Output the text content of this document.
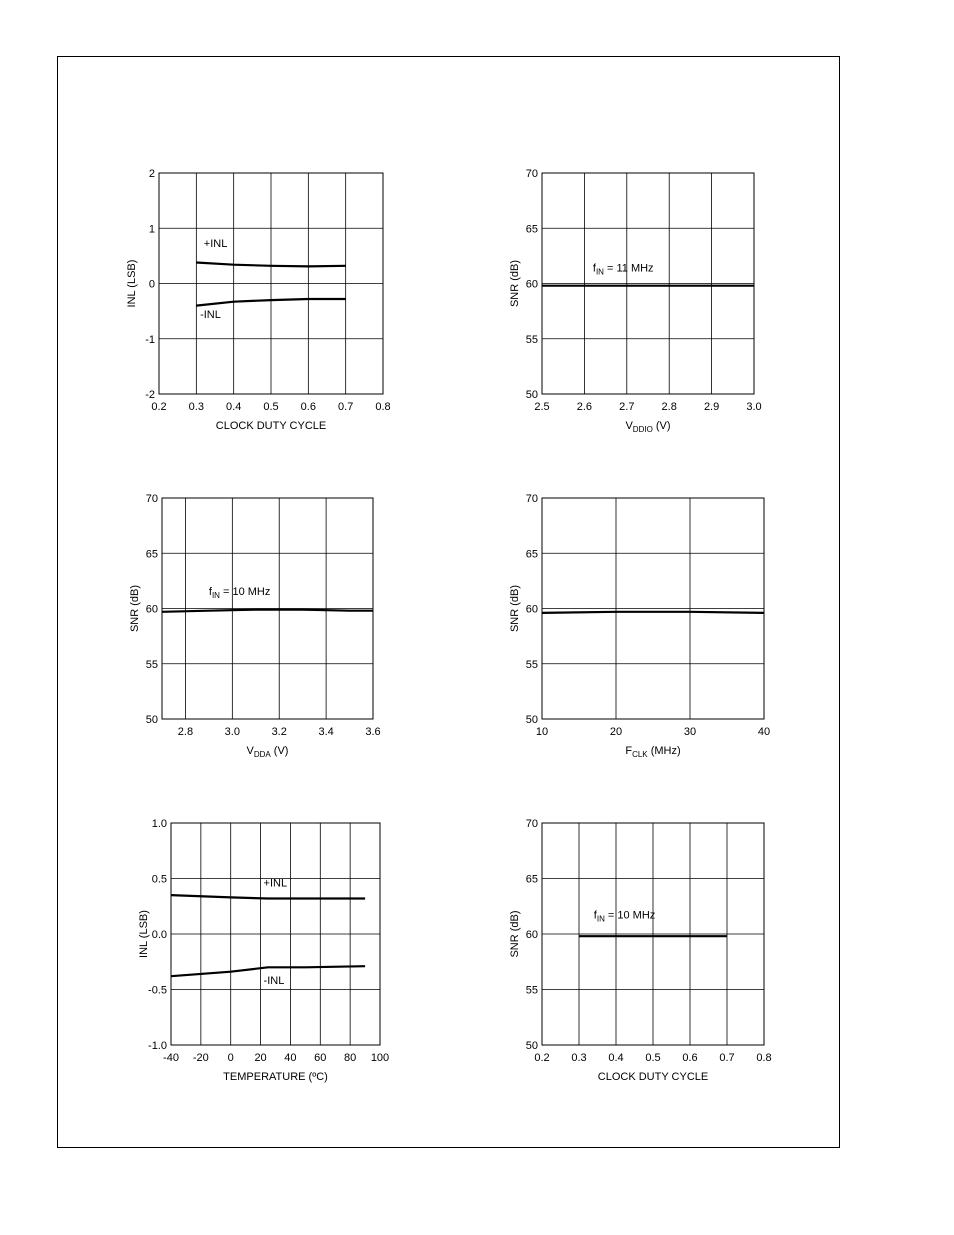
0.2 0.3 0.4 0.5 0.6 0.7 0.8
-2
-1
0
1
2
CLOCK DUTY CYCLE
INL (LSB)
+INL
-INL
2.5 2.6 2.7 2.8 2.9 3.0
50
55
60
65
70
$V_{DDIO}$ (V)
SNR (dB)	$f_{IN} = 11$ MHz
2.8	3.0	3.2	3.4	3.6
50
55
60
65
70
$V_{DDA}$ (V)
SNR (dB)	$f_{IN} = 10$ MHz
10	20	30	40
50
55
60
65
70
$F_{CLK}$ (MHz)
SNR (dB)
-40 -20 0 20 40 60 80 100
-1.0
-0.5
0.0
0.5
1.0
TEMPERATURE (ºC)
INL (LSB)
+INL
-INL
0.2 0.3 0.4 0.5 0.6 0.7 0.8
50
55
60
65
70
CLOCK DUTY CYCLE
SNR (dB)	$f_{IN} = 10$ MHz
